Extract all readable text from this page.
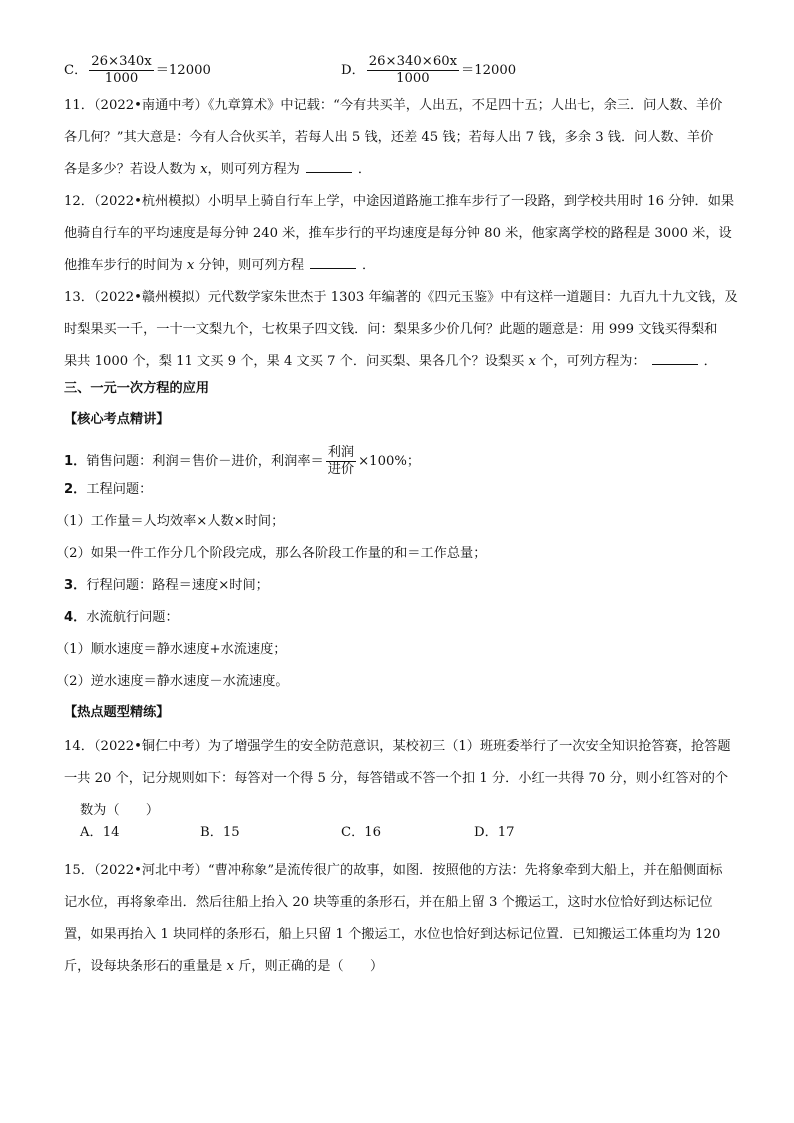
C． $\frac{26\times 340x}{1000} =12000$	D． $\frac{26\times 340\times 60x}{1000} =12000$
11．（2022•南通中考）《九章算术》中记载：“今有共买羊，人出五，不足四十五；人出七，余三．问人数、羊价
各几何？”其大意是：今有人合伙买羊，若每人出 5 钱，还差 45 钱；若每人出 7 钱，多余 3 钱．问人数、羊价
各是多少？若设人数为 x，则可列方程为	．
12．（2022•杭州模拟）小明早上骑自行车上学，中途因道路施工推车步行了一段路，到学校共用时 16 分钟．如果
他骑自行车的平均速度是每分钟 240 米，推车步行的平均速度是每分钟 80 米，他家离学校的路程是 3000 米，设
他推车步行的时间为 x 分钟，则可列方程	．
13．（2022•赣州模拟）元代数学家朱世杰于 1303 年编著的《四元玉鉴》中有这样一道题目：九百九十九文钱，及
时梨果买一千，一十一文梨九个，七枚果子四文钱．问：梨果多少价几何？此题的题意是：用 999 文钱买得梨和
果共 1000 个，梨 11 文买 9 个，果 4 文买 7 个．问买梨、果各几个？设梨买 x 个，可列方程为：	．
三、一元一次方程的应用
【核心考点精讲】
1．销售问题：利润＝售价－进价，利润率＝ $\frac{\text{利润}}{\text{进价}} \times 100\%$；
2．工程问题：
（1）工作量＝人均效率×人数×时间；
（2）如果一件工作分几个阶段完成，那么各阶段工作量的和＝工作总量；
3．行程问题：路程＝速度×时间；
4．水流航行问题：
（1）顺水速度＝静水速度+水流速度；
（2）逆水速度＝静水速度－水流速度。
【热点题型精练】
14．（2022•铜仁中考）为了增强学生的安全防范意识，某校初三（1）班班委举行了一次安全知识抢答赛，抢答题
一共 20 个，记分规则如下：每答对一个得 5 分，每答错或不答一个扣 1 分．小红一共得 70 分，则小红答对的个
数为（　　）
A．14	B．15	C．16	D．17
15．（2022•河北中考）“曹冲称象”是流传很广的故事，如图．按照他的方法：先将象牵到大船上，并在船侧面标
记水位，再将象牵出．然后往船上抬入 20 块等重的条形石，并在船上留 3 个搬运工，这时水位恰好到达标记位
置，如果再抬入 1 块同样的条形石，船上只留 1 个搬运工，水位也恰好到达标记位置．已知搬运工体重均为 120
斤，设每块条形石的重量是 x 斤，则正确的是（　　）
